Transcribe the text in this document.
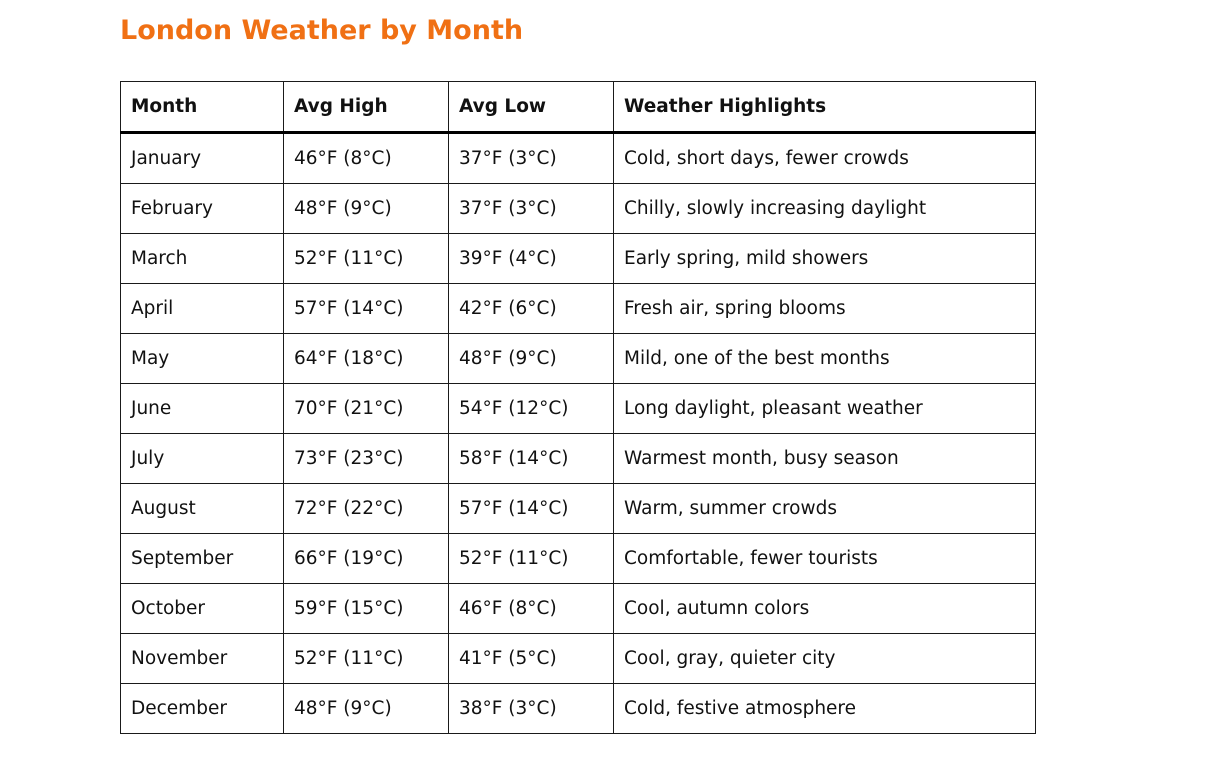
London Weather by Month
Month	Avg High	Avg Low	Weather Highlights
January	46°F (8°C)	37°F (3°C)	Cold, short days, fewer crowds
February	48°F (9°C)	37°F (3°C)	Chilly, slowly increasing daylight
March	52°F (11°C)	39°F (4°C)	Early spring, mild showers
April	57°F (14°C)	42°F (6°C)	Fresh air, spring blooms
May	64°F (18°C)	48°F (9°C)	Mild, one of the best months
June	70°F (21°C)	54°F (12°C)	Long daylight, pleasant weather
July	73°F (23°C)	58°F (14°C)	Warmest month, busy season
August	72°F (22°C)	57°F (14°C)	Warm, summer crowds
September	66°F (19°C)	52°F (11°C)	Comfortable, fewer tourists
October	59°F (15°C)	46°F (8°C)	Cool, autumn colors
November	52°F (11°C)	41°F (5°C)	Cool, gray, quieter city
December	48°F (9°C)	38°F (3°C)	Cold, festive atmosphere
